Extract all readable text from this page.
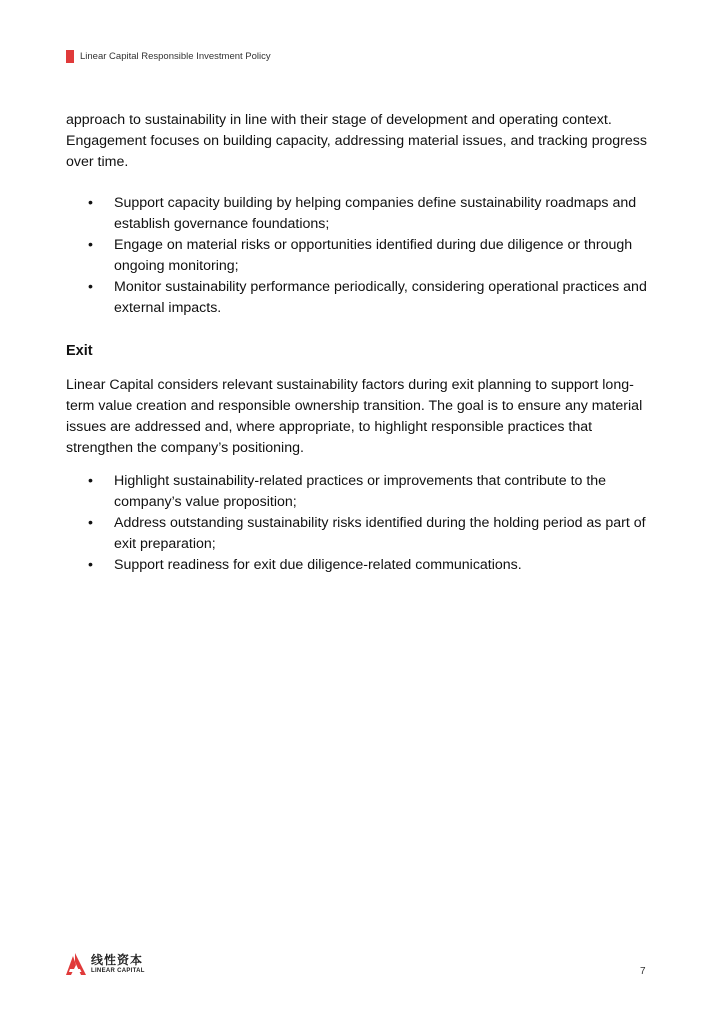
Linear Capital Responsible Investment Policy

approach to sustainability in line with their stage of development and operating context. Engagement focuses on building capacity, addressing material issues, and tracking progress over time.

• Support capacity building by helping companies define sustainability roadmaps and establish governance foundations;
• Engage on material risks or opportunities identified during due diligence or through ongoing monitoring;
• Monitor sustainability performance periodically, considering operational practices and external impacts.
Exit

Linear Capital considers relevant sustainability factors during exit planning to support long-term value creation and responsible ownership transition. The goal is to ensure any material issues are addressed and, where appropriate, to highlight responsible practices that strengthen the company’s positioning.

• Highlight sustainability-related practices or improvements that contribute to the company’s value proposition;
• Address outstanding sustainability risks identified during the holding period as part of exit preparation;
• Support readiness for exit due diligence-related communications.
线性资本
LINEAR CAPITAL	7
